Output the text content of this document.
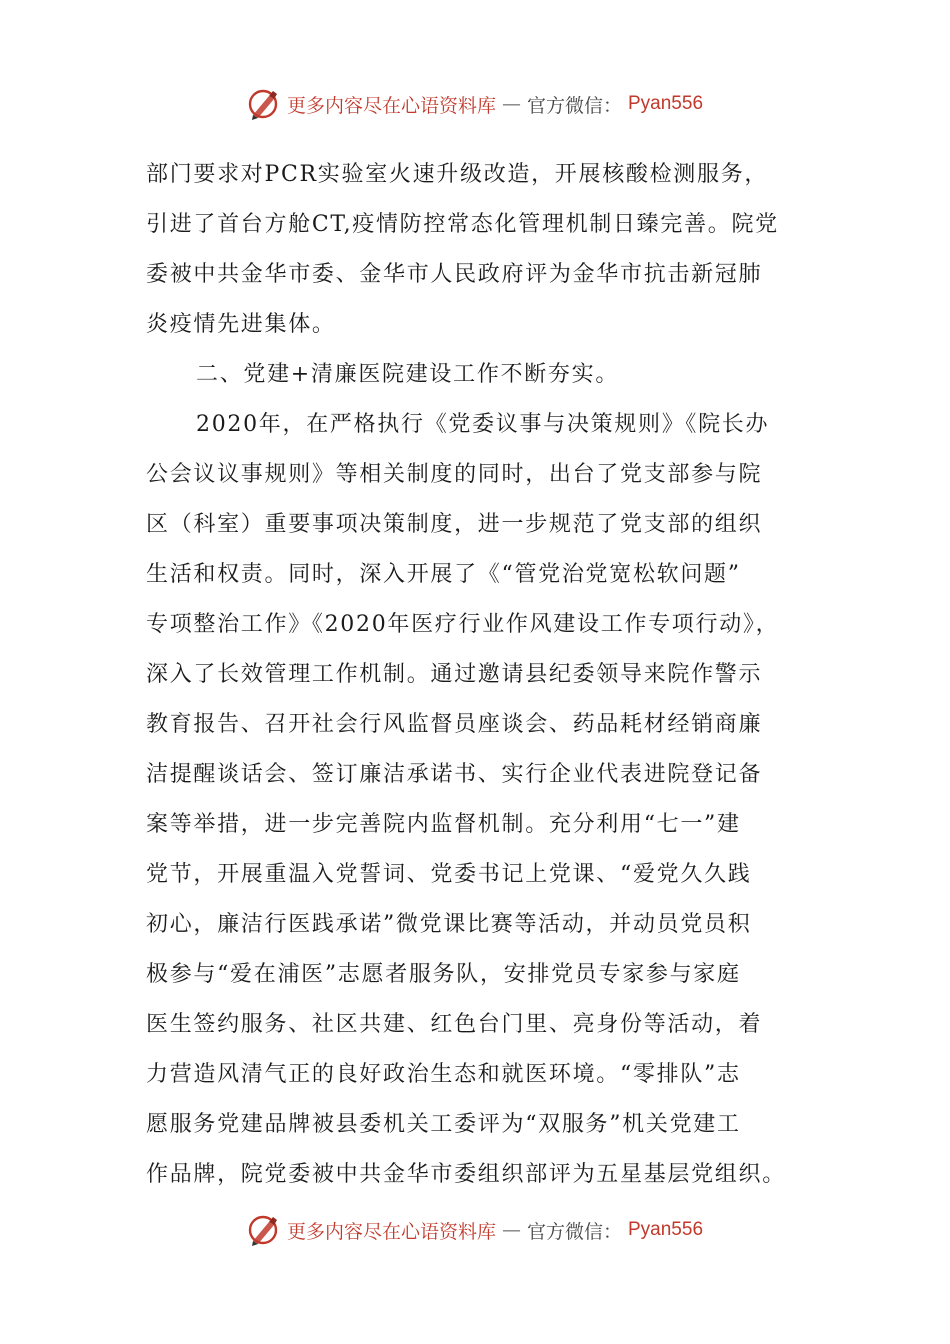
更多内容尽在心语资料库 — 官方微信： Pyan556
部门要求对PCR实验室火速升级改造，开展核酸检测服务，
引进了首台方舱CT,疫情防控常态化管理机制日臻完善。院党
委被中共金华市委、金华市人民政府评为金华市抗击新冠肺
炎疫情先进集体。
二、党建+清廉医院建设工作不断夯实。
2020年，在严格执行《党委议事与决策规则》《院长办
公会议议事规则》等相关制度的同时，出台了党支部参与院
区（科室）重要事项决策制度，进一步规范了党支部的组织
生活和权责。同时，深入开展了《“管党治党宽松软问题”
专项整治工作》《2020年医疗行业作风建设工作专项行动》，
深入了长效管理工作机制。通过邀请县纪委领导来院作警示
教育报告、召开社会行风监督员座谈会、药品耗材经销商廉
洁提醒谈话会、签订廉洁承诺书、实行企业代表进院登记备
案等举措，进一步完善院内监督机制。充分利用“七一”建
党节，开展重温入党誓词、党委书记上党课、“爱党久久践
初心，廉洁行医践承诺”微党课比赛等活动，并动员党员积
极参与“爱在浦医”志愿者服务队，安排党员专家参与家庭
医生签约服务、社区共建、红色台门里、亮身份等活动，着
力营造风清气正的良好政治生态和就医环境。“零排队”志
愿服务党建品牌被县委机关工委评为“双服务”机关党建工
作品牌，院党委被中共金华市委组织部评为五星基层党组织。
更多内容尽在心语资料库 — 官方微信： Pyan556
